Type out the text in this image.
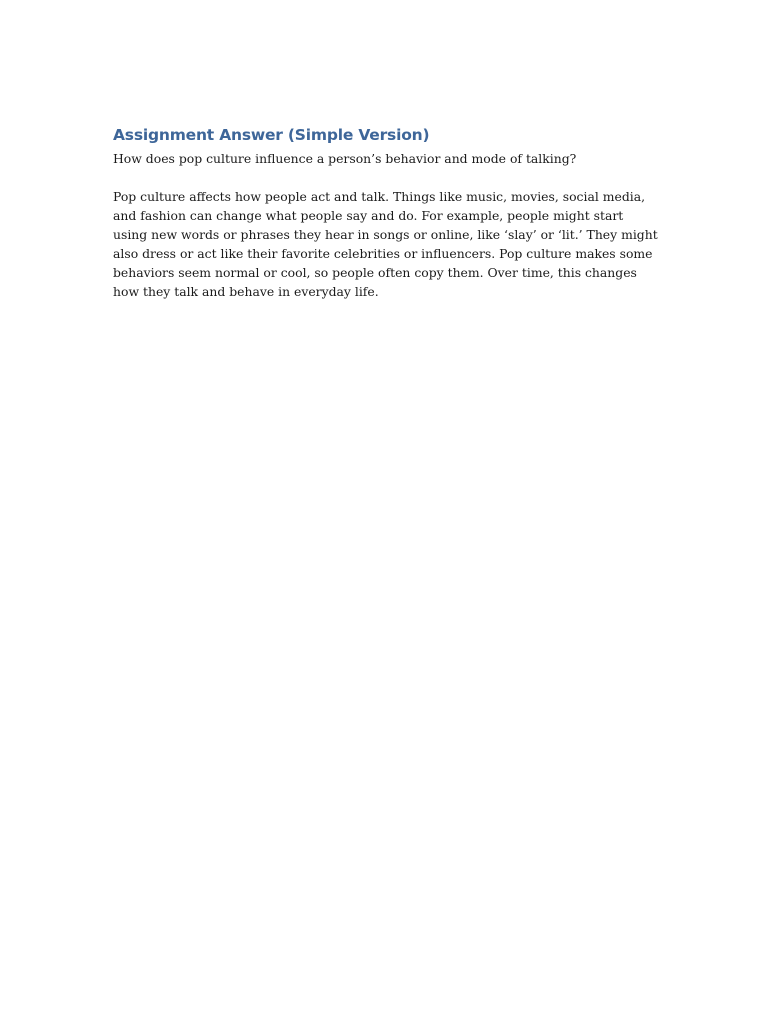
Assignment Answer (Simple Version)

How does pop culture influence a person’s behavior and mode of talking?

Pop culture affects how people act and talk. Things like music, movies, social media, and fashion can change what people say and do. For example, people might start using new words or phrases they hear in songs or online, like ‘slay’ or ‘lit.’ They might also dress or act like their favorite celebrities or influencers. Pop culture makes some behaviors seem normal or cool, so people often copy them. Over time, this changes how they talk and behave in everyday life.
